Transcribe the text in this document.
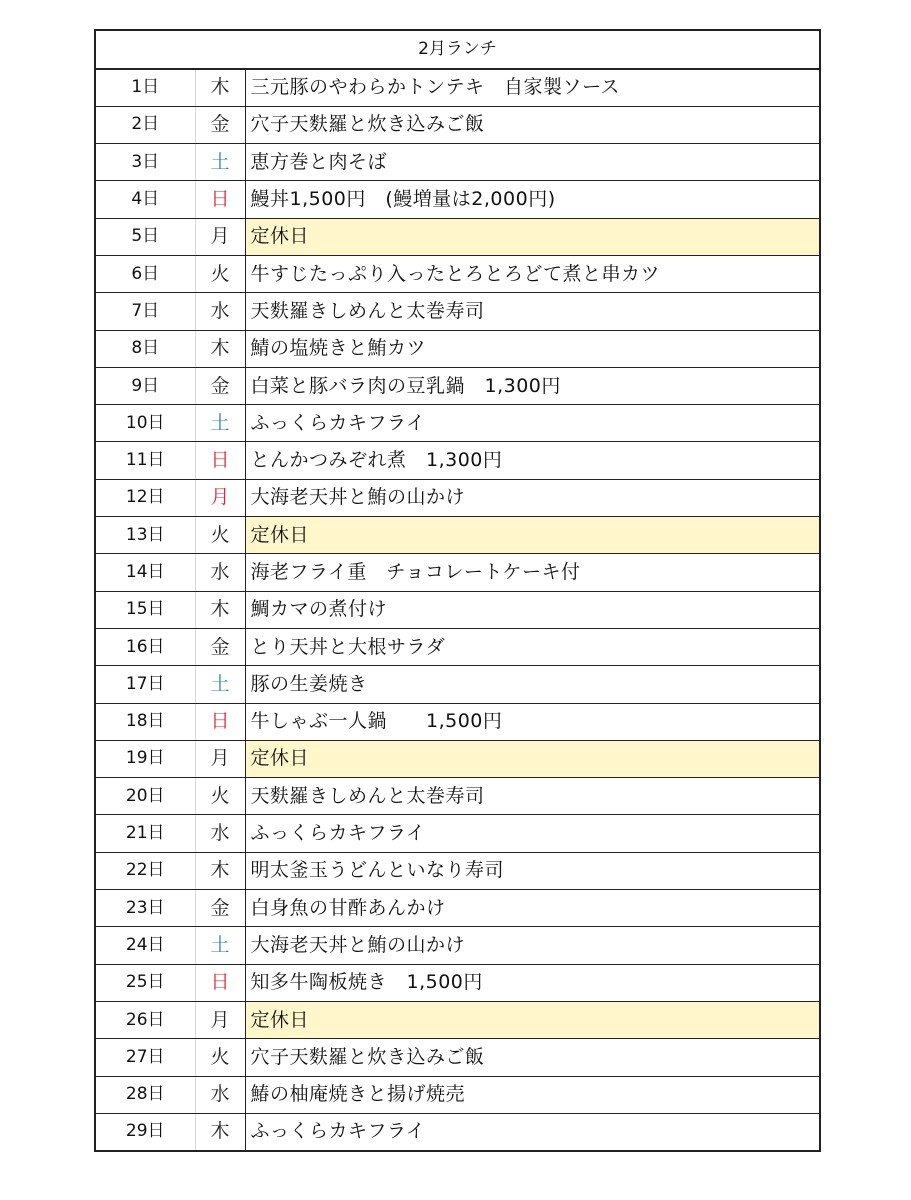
2月ランチ		
1日	木	三元豚のやわらかトンテキ　自家製ソース
2日	金	穴子天麩羅と炊き込みご飯
3日	土	恵方巻と肉そば
4日	日	鰻丼1,500円　(鰻増量は2,000円)
5日	月	定休日
6日	火	牛すじたっぷり入ったとろとろどて煮と串カツ
7日	水	天麩羅きしめんと太巻寿司
8日	木	鯖の塩焼きと鮪カツ
9日	金	白菜と豚バラ肉の豆乳鍋　1,300円
10日	土	ふっくらカキフライ
11日	日	とんかつみぞれ煮　1,300円
12日	月	大海老天丼と鮪の山かけ
13日	火	定休日
14日	水	海老フライ重　チョコレートケーキ付
15日	木	鯛カマの煮付け
16日	金	とり天丼と大根サラダ
17日	土	豚の生姜焼き
18日	日	牛しゃぶ一人鍋　　1,500円
19日	月	定休日
20日	火	天麩羅きしめんと太巻寿司
21日	水	ふっくらカキフライ
22日	木	明太釜玉うどんといなり寿司
23日	金	白身魚の甘酢あんかけ
24日	土	大海老天丼と鮪の山かけ
25日	日	知多牛陶板焼き　1,500円
26日	月	定休日
27日	火	穴子天麩羅と炊き込みご飯
28日	水	鰆の柚庵焼きと揚げ焼売
29日	木	ふっくらカキフライ
